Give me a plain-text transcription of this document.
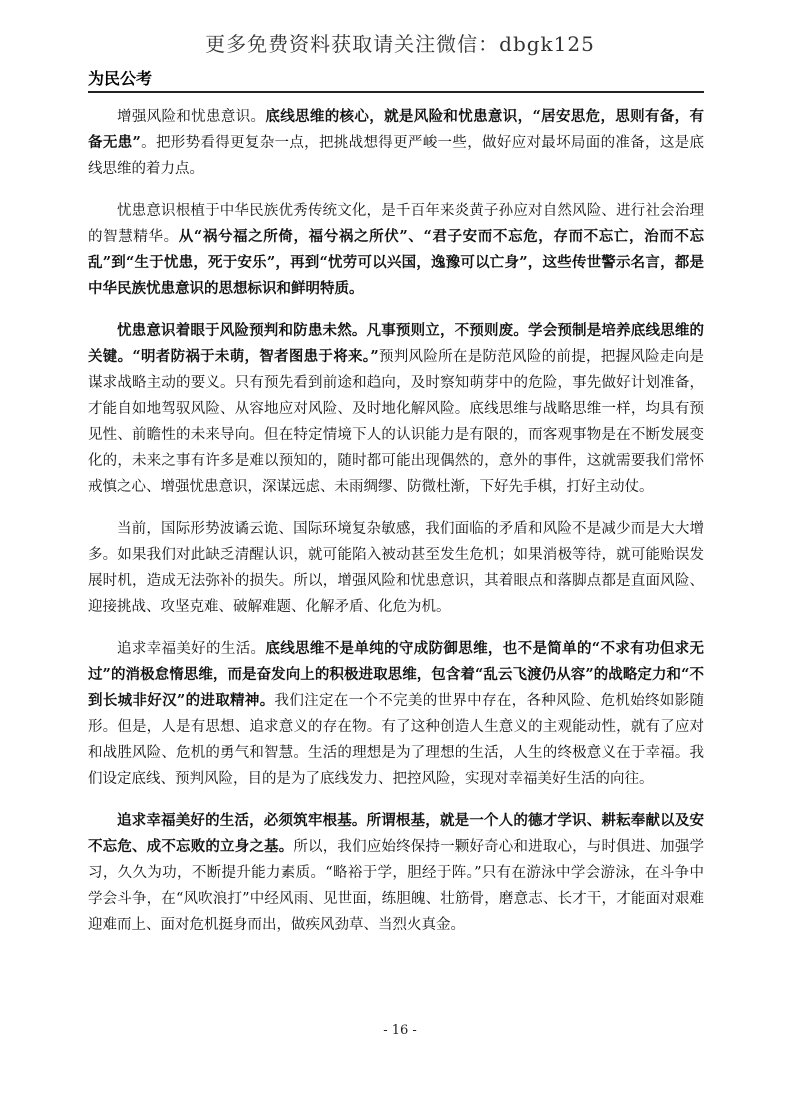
更多免费资料获取请关注微信：dbgk125
为民公考

增强风险和忧患意识。底线思维的核心，就是风险和忧患意识，“居安思危，思则有备，有备无患”。把形势看得更复杂一点，把挑战想得更严峻一些，做好应对最坏局面的准备，这是底线思维的着力点。

忧患意识根植于中华民族优秀传统文化，是千百年来炎黄子孙应对自然风险、进行社会治理的智慧精华。从“祸兮福之所倚，福兮祸之所伏”、“君子安而不忘危，存而不忘亡，治而不忘乱”到“生于忧患，死于安乐”，再到“忧劳可以兴国，逸豫可以亡身”，这些传世警示名言，都是中华民族忧患意识的思想标识和鲜明特质。

忧患意识着眼于风险预判和防患未然。凡事预则立，不预则废。学会预制是培养底线思维的关键。“明者防祸于未萌，智者图患于将来。”预判风险所在是防范风险的前提，把握风险走向是谋求战略主动的要义。只有预先看到前途和趋向，及时察知萌芽中的危险，事先做好计划准备，才能自如地驾驭风险、从容地应对风险、及时地化解风险。底线思维与战略思维一样，均具有预见性、前瞻性的未来导向。但在特定情境下人的认识能力是有限的，而客观事物是在不断发展变化的，未来之事有许多是难以预知的，随时都可能出现偶然的，意外的事件，这就需要我们常怀戒慎之心、增强忧患意识，深谋远虑、未雨绸缪、防微杜渐，下好先手棋，打好主动仗。

当前，国际形势波谲云诡、国际环境复杂敏感，我们面临的矛盾和风险不是减少而是大大增多。如果我们对此缺乏清醒认识，就可能陷入被动甚至发生危机；如果消极等待，就可能贻误发展时机，造成无法弥补的损失。所以，增强风险和忧患意识，其着眼点和落脚点都是直面风险、迎接挑战、攻坚克难、破解难题、化解矛盾、化危为机。

追求幸福美好的生活。底线思维不是单纯的守成防御思维，也不是简单的“不求有功但求无过”的消极怠惰思维，而是奋发向上的积极进取思维，包含着“乱云飞渡仍从容”的战略定力和“不到长城非好汉”的进取精神。我们注定在一个不完美的世界中存在，各种风险、危机始终如影随形。但是，人是有思想、追求意义的存在物。有了这种创造人生意义的主观能动性，就有了应对和战胜风险、危机的勇气和智慧。生活的理想是为了理想的生活，人生的终极意义在于幸福。我们设定底线、预判风险，目的是为了底线发力、把控风险，实现对幸福美好生活的向往。

追求幸福美好的生活，必须筑牢根基。所谓根基，就是一个人的德才学识、耕耘奉献以及安不忘危、成不忘败的立身之基。所以，我们应始终保持一颗好奇心和进取心，与时俱进、加强学习，久久为功，不断提升能力素质。“略裕于学，胆经于阵。”只有在游泳中学会游泳，在斗争中学会斗争，在“风吹浪打”中经风雨、见世面，练胆魄、壮筋骨，磨意志、长才干，才能面对艰难迎难而上、面对危机挺身而出，做疾风劲草、当烈火真金。

- 16 -
